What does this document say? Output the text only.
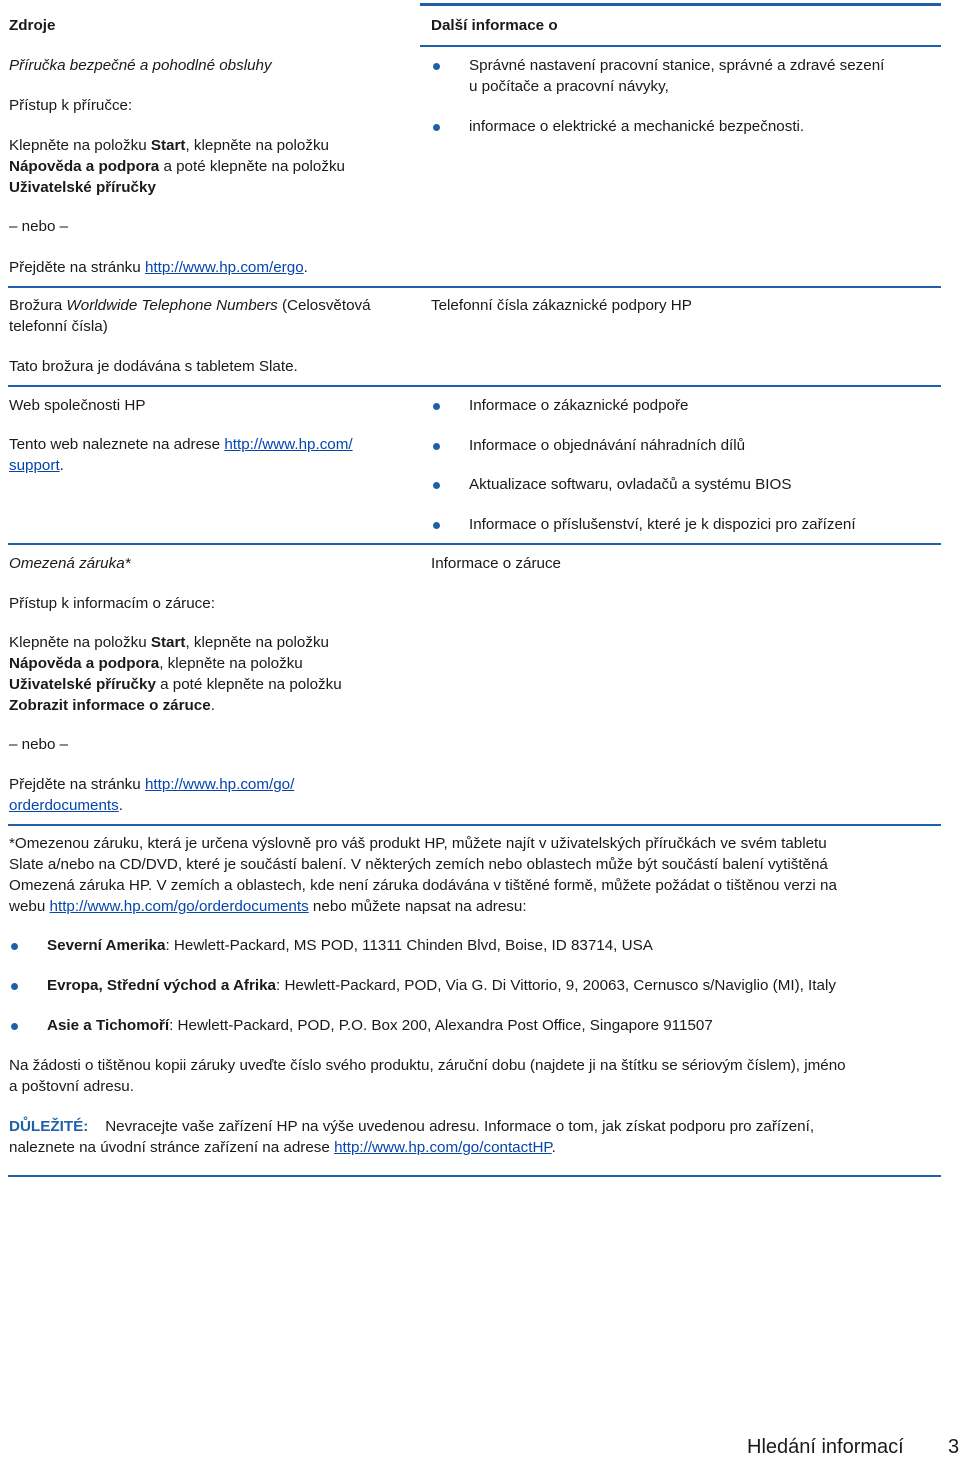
Zdroje	Další informace o
Příručka bezpečné a pohodlné obsluhy
Přístup k příručce:
Klepněte na položku Start, klepněte na položku
Nápověda a podpora a poté klepněte na položku
Uživatelské příručky
– nebo –
Přejděte na stránku http://www.hp.com/ergo.
Správné nastavení pracovní stanice, správné a zdravé sezení
u počítače a pracovní návyky,
informace o elektrické a mechanické bezpečnosti.
Brožura Worldwide Telephone Numbers (Celosvětová
telefonní čísla)
Tato brožura je dodávána s tabletem Slate.
Telefonní čísla zákaznické podpory HP
Web společnosti HP
Tento web naleznete na adrese http://www.hp.com/
support.
Informace o zákaznické podpoře
Informace o objednávání náhradních dílů
Aktualizace softwaru, ovladačů a systému BIOS
Informace o příslušenství, které je k dispozici pro zařízení
Omezená záruka*	Informace o záruce
Přístup k informacím o záruce:
Klepněte na položku Start, klepněte na položku
Nápověda a podpora, klepněte na položku
Uživatelské příručky a poté klepněte na položku
Zobrazit informace o záruce.
– nebo –
Přejděte na stránku http://www.hp.com/go/
orderdocuments.
*Omezenou záruku, která je určena výslovně pro váš produkt HP, můžete najít v uživatelských příručkách ve svém tabletu
Slate a/nebo na CD/DVD, které je součástí balení. V některých zemích nebo oblastech může být součástí balení vytištěná
Omezená záruka HP. V zemích a oblastech, kde není záruka dodávána v tištěné formě, můžete požádat o tištěnou verzi na
webu http://www.hp.com/go/orderdocuments nebo můžete napsat na adresu:
Severní Amerika: Hewlett-Packard, MS POD, 11311 Chinden Blvd, Boise, ID 83714, USA
Evropa, Střední východ a Afrika: Hewlett-Packard, POD, Via G. Di Vittorio, 9, 20063, Cernusco s/Naviglio (MI), Italy
Asie a Tichomoří: Hewlett-Packard, POD, P.O. Box 200, Alexandra Post Office, Singapore 911507
Na žádosti o tištěnou kopii záruky uveďte číslo svého produktu, záruční dobu (najdete ji na štítku se sériovým číslem), jméno
a poštovní adresu.
DŮLEŽITÉ: Nevracejte vaše zařízení HP na výše uvedenou adresu. Informace o tom, jak získat podporu pro zařízení,
naleznete na úvodní stránce zařízení na adrese http://www.hp.com/go/contactHP.
Hledání informací 3
